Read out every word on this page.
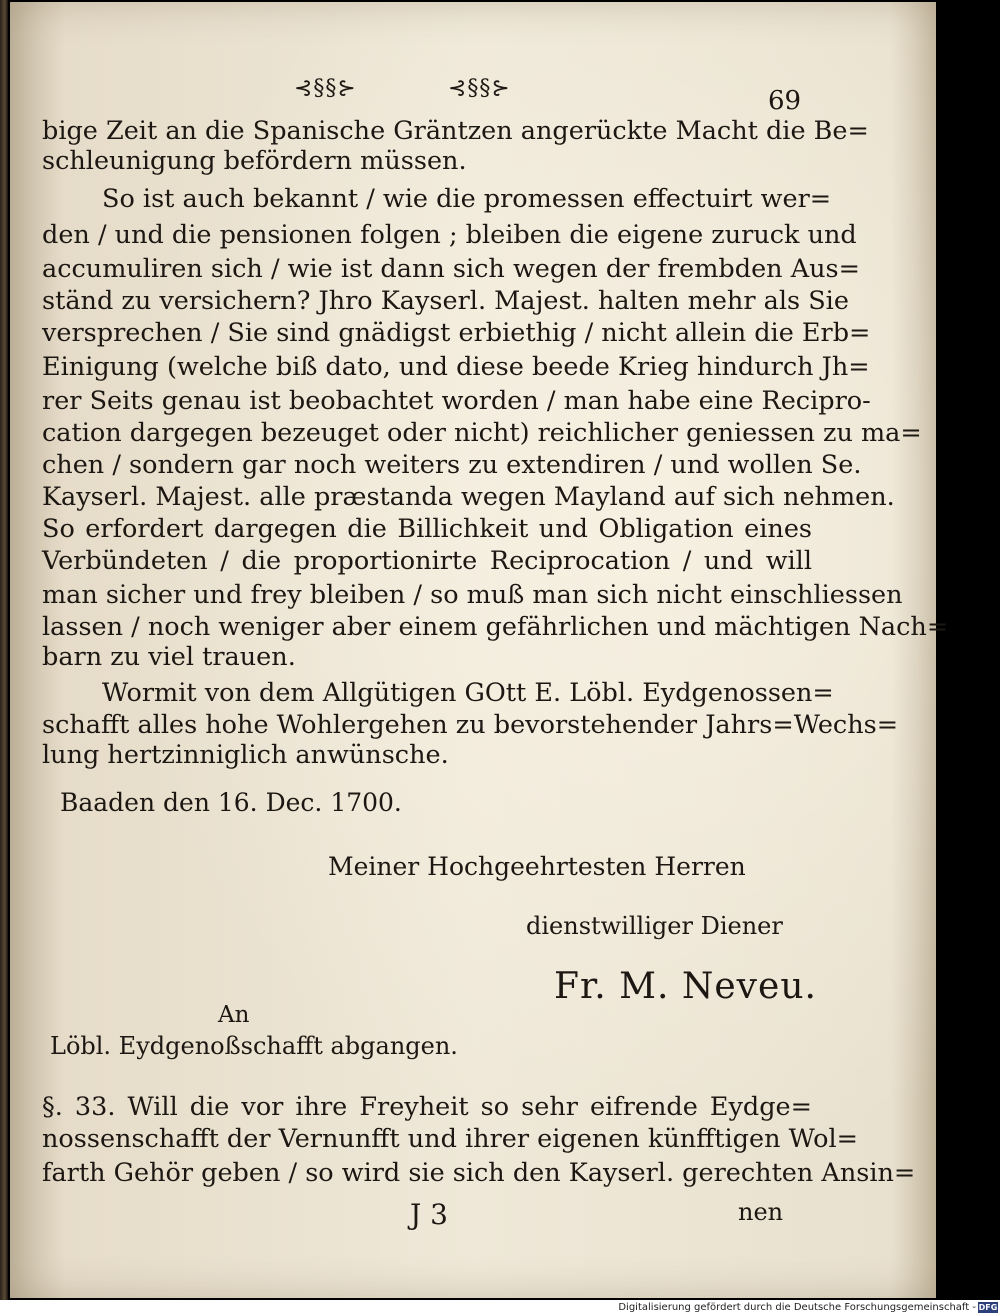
⊰§§⊱	⊰§§⊱	69
bige Zeit an die Spanische Gräntzen angerückte Macht die Be=
schleunigung befördern müssen.
So ist auch bekannt / wie die promessen effectuirt wer=
den / und die pensionen folgen ; bleiben die eigene zuruck und
accumuliren sich / wie ist dann sich wegen der frembden Aus=
ständ zu versichern? Jhro Kayserl. Majest. halten mehr als Sie
versprechen / Sie sind gnädigst erbiethig / nicht allein die Erb=
Einigung (welche biß dato, und diese beede Krieg hindurch Jh=
rer Seits genau ist beobachtet worden / man habe eine Recipro-
cation dargegen bezeuget oder nicht) reichlicher geniessen zu ma=
chen / sondern gar noch weiters zu extendiren / und wollen Se.
Kayserl. Majest. alle præstanda wegen Mayland auf sich nehmen.
So erfordert dargegen die Billichkeit und Obligation eines
Verbündeten / die proportionirte Reciprocation / und will
man sicher und frey bleiben / so muß man sich nicht einschliessen
lassen / noch weniger aber einem gefährlichen und mächtigen Nach=
barn zu viel trauen.
Wormit von dem Allgütigen GOtt E. Löbl. Eydgenossen=
schafft alles hohe Wohlergehen zu bevorstehender Jahrs=Wechs=
lung hertzinniglich anwünsche.
Baaden den 16. Dec. 1700.
Meiner Hochgeehrtesten Herren
dienstwilliger Diener
Fr. M. Neveu.
An
Löbl. Eydgenoßschafft abgangen.
§. 33. Will die vor ihre Freyheit so sehr eifrende Eydge=
nossenschafft der Vernunfft und ihrer eigenen künfftigen Wol=
farth Gehör geben / so wird sie sich den Kayserl. gerechten Ansin=
J 3	nen
Digitalisierung gefördert durch die Deutsche Forschungsgemeinschaft - DFG
